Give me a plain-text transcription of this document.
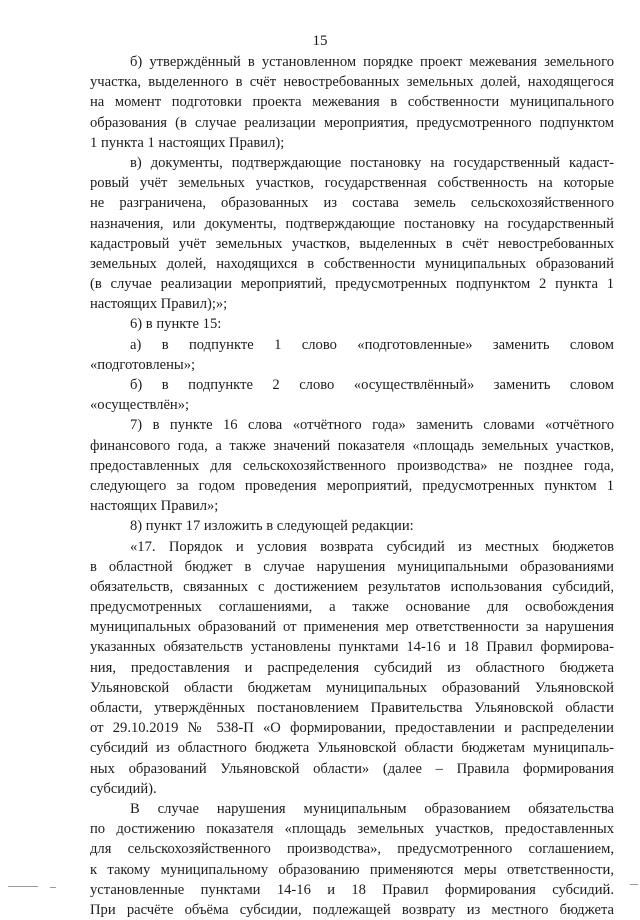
15
б) утверждённый в установленном порядке проект межевания земельного
участка, выделенного в счёт невостребованных земельных долей, находящегося
на момент подготовки проекта межевания в собственности муниципального
образования (в случае реализации мероприятия, предусмотренного подпунктом
1 пункта 1 настоящих Правил);
в) документы, подтверждающие постановку на государственный кадаст-
ровый учёт земельных участков, государственная собственность на которые
не разграничена, образованных из состава земель сельскохозяйственного
назначения, или документы, подтверждающие постановку на государственный
кадастровый учёт земельных участков, выделенных в счёт невостребованных
земельных долей, находящихся в собственности муниципальных образований
(в случае реализации мероприятий, предусмотренных подпунктом 2 пункта 1
настоящих Правил);»;
6) в пункте 15:
а) в подпункте 1 слово «подготовленные» заменить словом
«подготовлены»;
б) в подпункте 2 слово «осуществлённый» заменить словом
«осуществлён»;
7) в пункте 16 слова «отчётного года» заменить словами «отчётного
финансового года, а также значений показателя «площадь земельных участков,
предоставленных для сельскохозяйственного производства» не позднее года,
следующего за годом проведения мероприятий, предусмотренных пунктом 1
настоящих Правил»;
8) пункт 17 изложить в следующей редакции:
«17. Порядок и условия возврата субсидий из местных бюджетов
в областной бюджет в случае нарушения муниципальными образованиями
обязательств, связанных с достижением результатов использования субсидий,
предусмотренных соглашениями, а также основание для освобождения
муниципальных образований от применения мер ответственности за нарушения
указанных обязательств установлены пунктами 14-16 и 18 Правил формирова-
ния, предоставления и распределения субсидий из областного бюджета
Ульяновской области бюджетам муниципальных образований Ульяновской
области, утверждённых постановлением Правительства Ульяновской области
от 29.10.2019 № 538-П «О формировании, предоставлении и распределении
субсидий из областного бюджета Ульяновской области бюджетам муниципаль-
ных образований Ульяновской области» (далее – Правила формирования
субсидий).
В случае нарушения муниципальным образованием обязательства
по достижению показателя «площадь земельных участков, предоставленных
для сельскохозяйственного производства», предусмотренного соглашением,
к такому муниципальному образованию применяются меры ответственности,
установленные пунктами 14-16 и 18 Правил формирования субсидий.
При расчёте объёма субсидии, подлежащей возврату из местного бюджета
